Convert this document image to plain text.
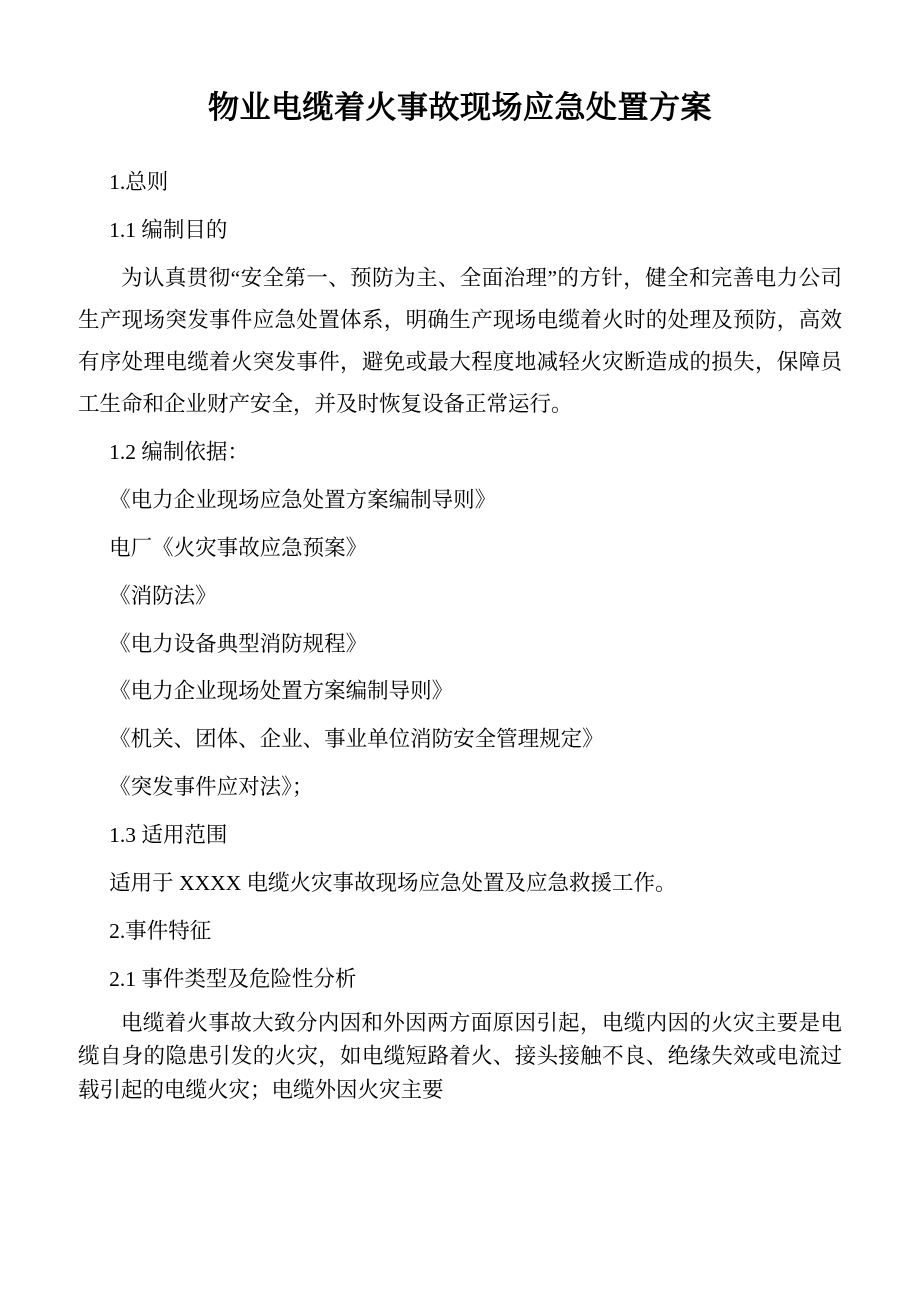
物业电缆着火事故现场应急处置方案

1.总则

1.1 编制目的

为认真贯彻“安全第一、预防为主、全面治理”的方针，健全和完善电力公司生产现场突发事件应急处置体系，明确生产现场电缆着火时的处理及预防，高效有序处理电缆着火突发事件，避免或最大程度地减轻火灾断造成的损失，保障员工生命和企业财产安全，并及时恢复设备正常运行。

1.2 编制依据：

《电力企业现场应急处置方案编制导则》

电厂《火灾事故应急预案》

《消防法》

《电力设备典型消防规程》

《电力企业现场处置方案编制导则》

《机关、团体、企业、事业单位消防安全管理规定》

《突发事件应对法》；

1.3 适用范围

适用于 XXXX 电缆火灾事故现场应急处置及应急救援工作。

2.事件特征

2.1 事件类型及危险性分析

电缆着火事故大致分内因和外因两方面原因引起，电缆内因的火灾主要是电缆自身的隐患引发的火灾，如电缆短路着火、接头接触不良、绝缘失效或电流过载引起的电缆火灾；电缆外因火灾主要
